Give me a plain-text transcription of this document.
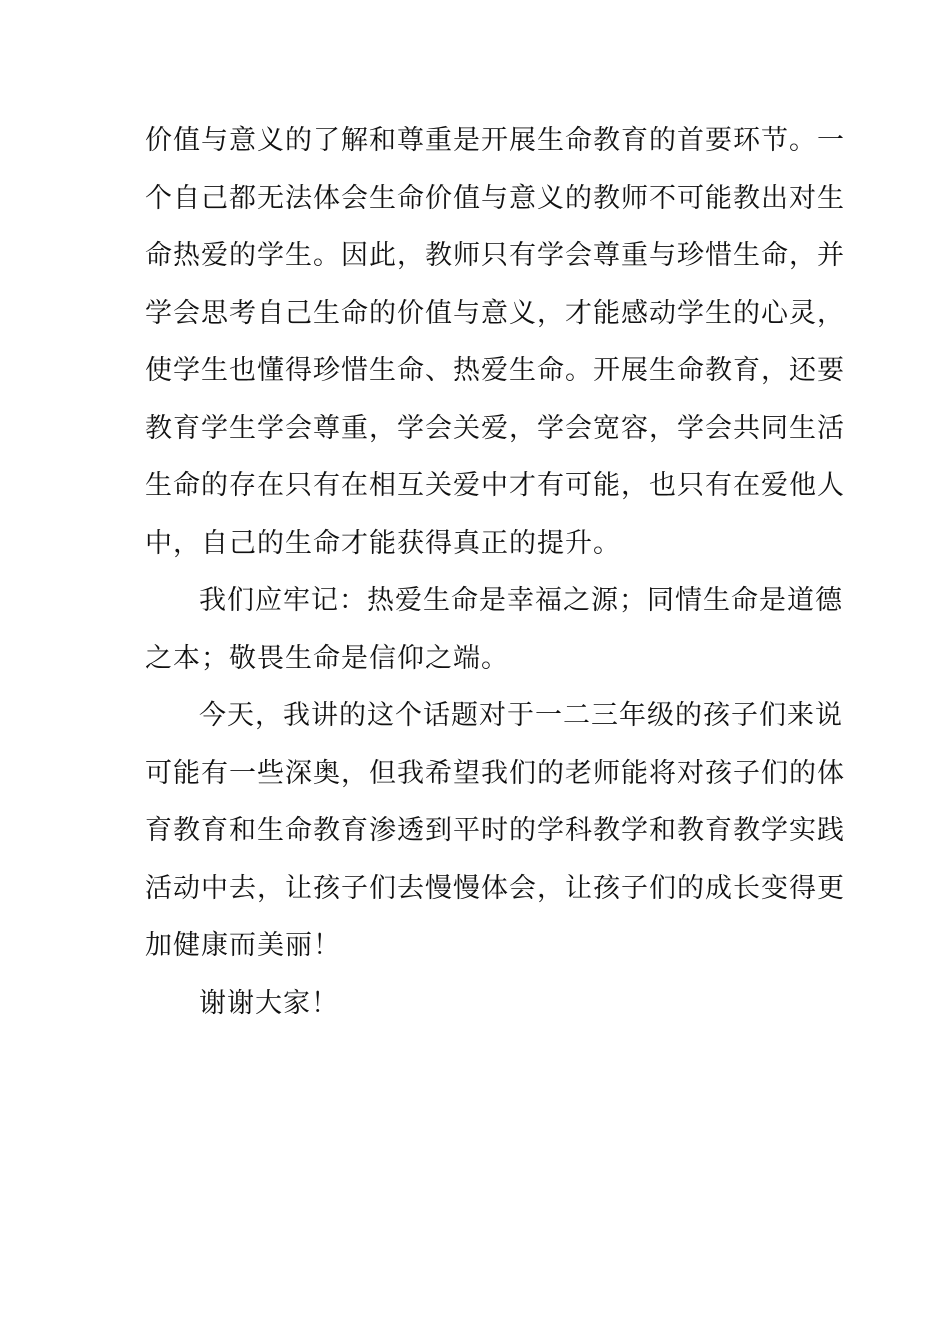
价值与意义的了解和尊重是开展生命教育的首要环节。一
个自己都无法体会生命价值与意义的教师不可能教出对生
命热爱的学生。因此，教师只有学会尊重与珍惜生命，并
学会思考自己生命的价值与意义，才能感动学生的心灵，
使学生也懂得珍惜生命、热爱生命。开展生命教育，还要
教育学生学会尊重，学会关爱，学会宽容，学会共同生活
生命的存在只有在相互关爱中才有可能，也只有在爱他人
中，自己的生命才能获得真正的提升。
我们应牢记：热爱生命是幸福之源；同情生命是道德
之本；敬畏生命是信仰之端。
今天，我讲的这个话题对于一二三年级的孩子们来说
可能有一些深奥，但我希望我们的老师能将对孩子们的体
育教育和生命教育渗透到平时的学科教学和教育教学实践
活动中去，让孩子们去慢慢体会，让孩子们的成长变得更
加健康而美丽！
谢谢大家！
